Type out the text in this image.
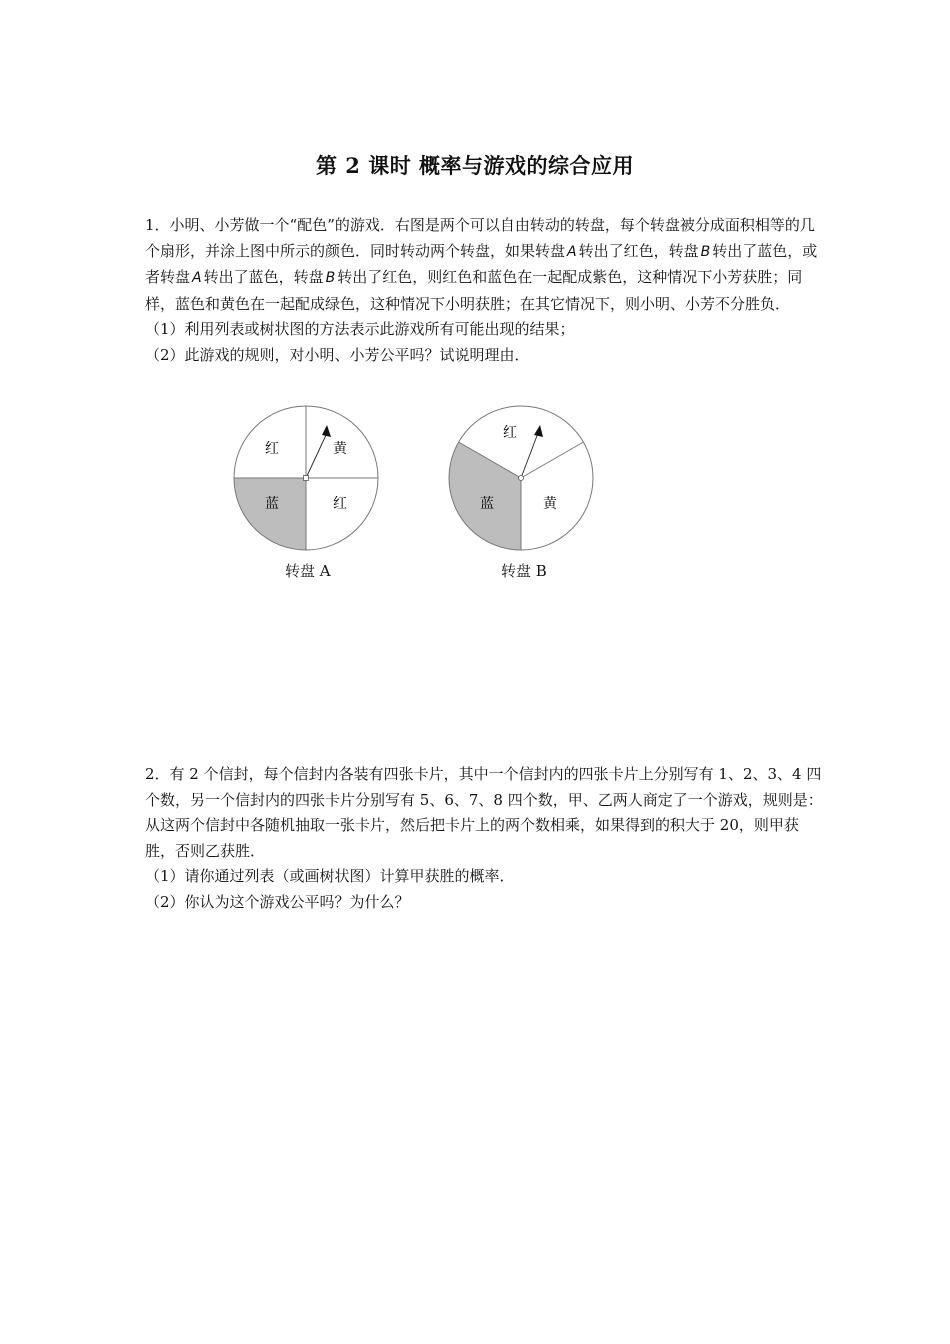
第 2 课时 概率与游戏的综合应用

1．小明、小芳做一个“配色”的游戏．右图是两个可以自由转动的转盘，每个转盘被分成面积相等的几个扇形，并涂上图中所示的颜色．同时转动两个转盘，如果转盘 A 转出了红色，转盘 B 转出了蓝色，或者转盘 A 转出了蓝色，转盘 B 转出了红色，则红色和蓝色在一起配成紫色，这种情况下小芳获胜；同样，蓝色和黄色在一起配成绿色，这种情况下小明获胜；在其它情况下，则小明、小芳不分胜负．

（1）利用列表或树状图的方法表示此游戏所有可能出现的结果；

（2）此游戏的规则，对小明、小芳公平吗？试说明理由．

红	黄
蓝	红
红
蓝	黄
转盘 A	转盘 B

2．有 2 个信封，每个信封内各装有四张卡片，其中一个信封内的四张卡片上分别写有 1、2、3、4 四个数，另一个信封内的四张卡片分别写有 5、6、7、8 四个数，甲、乙两人商定了一个游戏，规则是：从这两个信封中各随机抽取一张卡片，然后把卡片上的两个数相乘，如果得到的积大于 20，则甲获胜，否则乙获胜．

（1）请你通过列表（或画树状图）计算甲获胜的概率．

（2）你认为这个游戏公平吗？为什么？
